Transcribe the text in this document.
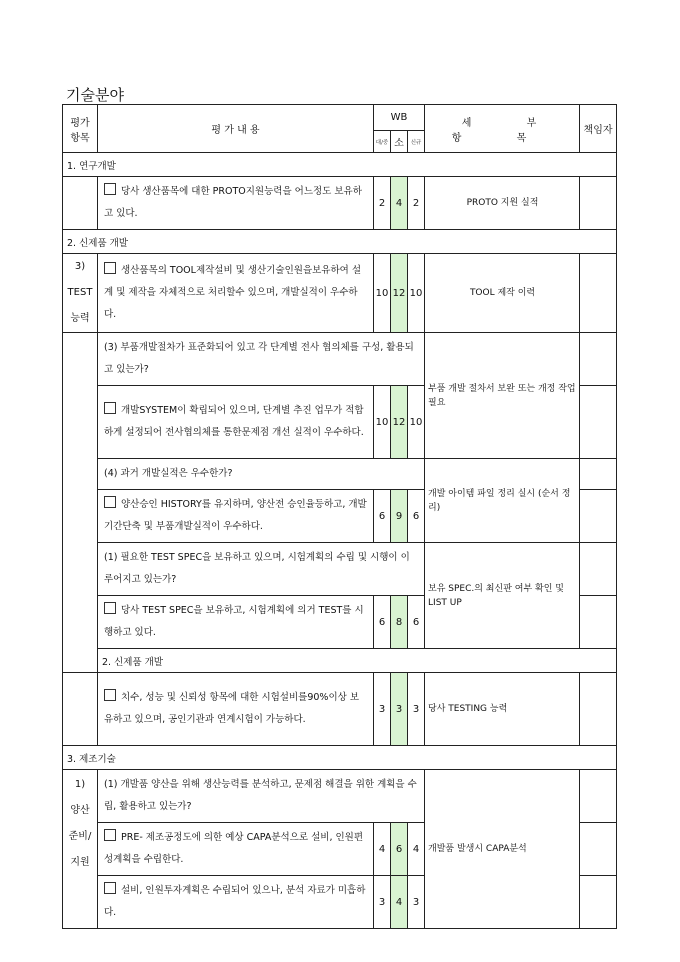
기술분야
평가
항목	평 가 내 용	WB			세 부 항 목	책임자
		대/중	소	신규		
1. 연구개발						
	당사 생산품목에 대한 PROTO지원능력을 어느정도 보유하고 있다.	2	4	2	PROTO 지원 실적	
2. 신제품 개발						

3)
TEST
능력	생산품목의 TOOL제작설비 및 생산기술인원을보유하여 설계 및 제작을 자체적으로 처리할수 있으며, 개발실적이 우수하다.	10	12	10	TOOL 제작 이력	
	(3) 부품개발절차가 표준화되어 있고 각 단계별 전사 협의체를 구성, 활용되고 있는가?				부품 개발 절차서 보완 또는 개정 작업 필요	
	개발SYSTEM이 확립되어 있으며, 단계별 추진 업무가 적합하게 설정되어 전사협의체를 통한문제점 개선 실적이 우수하다.	10	12	10		
	(4) 과거 개발실적은 우수한가?				개발 아이템 파일 정리 실시 (순서 정리)	
	양산승인 HISTORY를 유지하며, 양산전 승인율등하고, 개발기간단축 및 부품개발실적이 우수하다.	6	9	6		
	(1) 필요한 TEST SPEC을 보유하고 있으며, 시험계획의 수립 및 시행이 이루어지고 있는가?				보유 SPEC.의 최신판 여부 확인 및 LIST UP	
	당사 TEST SPEC을 보유하고, 시험계획에 의거 TEST를 시행하고 있다.	6	8	6		
	2. 신제품 개발					
	치수, 성능 및 신뢰성 항목에 대한 시험설비를90%이상 보유하고 있으며, 공인기관과 연계시험이 가능하다.	3	3	3	당사 TESTING 능력	
3. 제조기술						

1)
양산
준비/
지원	(1) 개발품 양산을 위해 생산능력를 분석하고, 문제점 해결을 위한 계획을 수립, 활용하고 있는가?				개발품 발생시 CAPA분석	
	PRE- 제조공정도에 의한 예상 CAPA분석으로 설비, 인원편성계획을 수립한다.	4	6	4		
	설비, 인원투자계획은 수립되어 있으나, 분석 자료가 미흡하다.	3	4	3		
